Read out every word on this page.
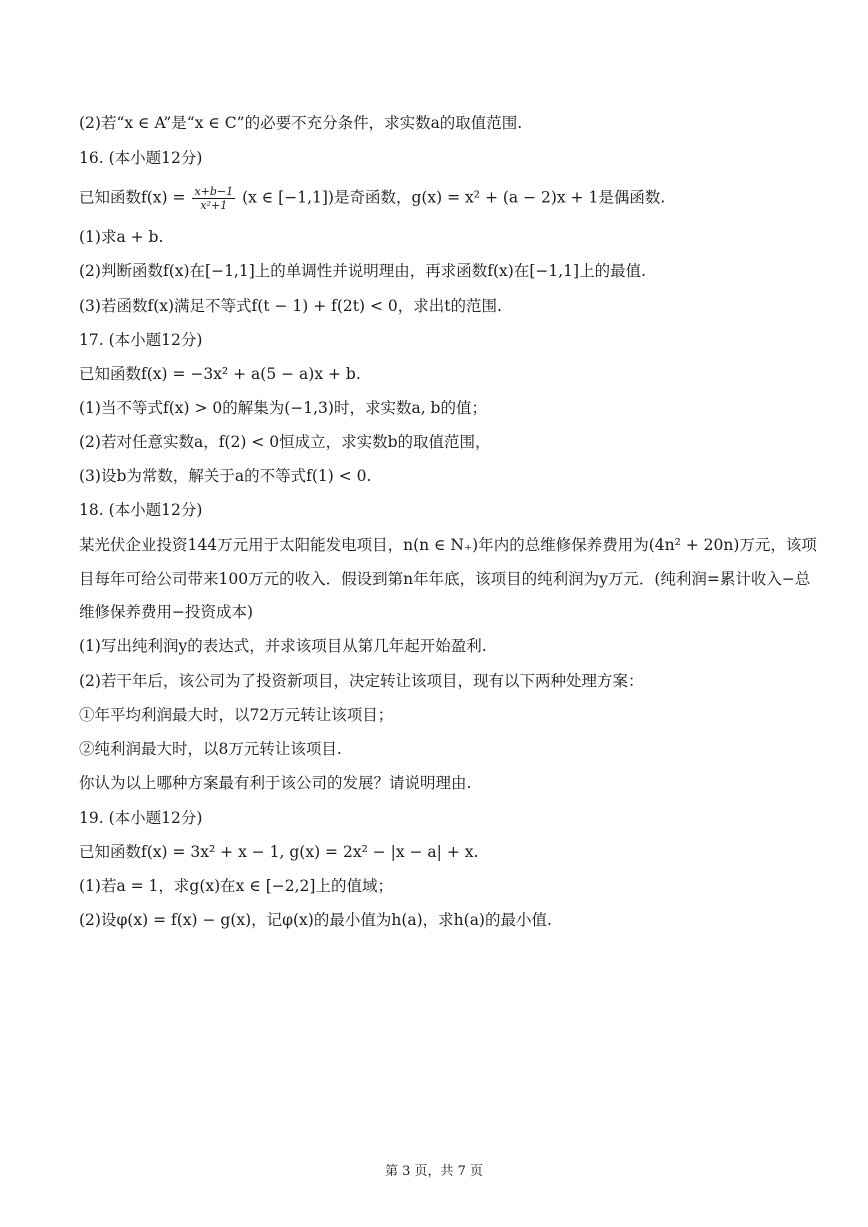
(2)若“x ∈ A”是“x ∈ C”的必要不充分条件，求实数a的取值范围.
16. (本小题12分)
已知函数$f(x) = \frac{x+b-1}{\text{x²+1}} (x$ ∈ [−1,1])是奇函数，g(x) = x² + (a − 2)x + 1是偶函数.
(1)求a + b.
(2)判断函数f(x)在[−1,1]上的单调性并说明理由，再求函数f(x)在[−1,1]上的最值.
(3)若函数f(x)满足不等式f(t − 1) + f(2t) < 0，求出t的范围.
17. (本小题12分)
已知函数f(x) = −3x² + a(5 − a)x + b.
(1)当不等式f(x) > 0的解集为(−1,3)时，求实数a, b的值；
(2)若对任意实数a，f(2) < 0恒成立，求实数b的取值范围，
(3)设b为常数，解关于a的不等式f(1) < 0.
18. (本小题12分)
某光伏企业投资144万元用于太阳能发电项目，n(n ∈ N₊)年内的总维修保养费用为(4n² + 20n)万元，该项
目每年可给公司带来100万元的收入．假设到第n年年底，该项目的纯利润为y万元．(纯利润=累计收入−总
维修保养费用−投资成本)
(1)写出纯利润y的表达式，并求该项目从第几年起开始盈利.
(2)若干年后，该公司为了投资新项目，决定转让该项目，现有以下两种处理方案：
①年平均利润最大时，以72万元转让该项目；
②纯利润最大时，以8万元转让该项目.
你认为以上哪种方案最有利于该公司的发展？请说明理由.
19. (本小题12分)
已知函数f(x) = 3x² + x − 1, g(x) = 2x² − |x − a| + x.
(1)若a = 1，求g(x)在x ∈ [−2,2]上的值域；
(2)设φ(x) = f(x) − g(x)，记φ(x)的最小值为h(a)，求h(a)的最小值.
第 3 页，共 7 页
